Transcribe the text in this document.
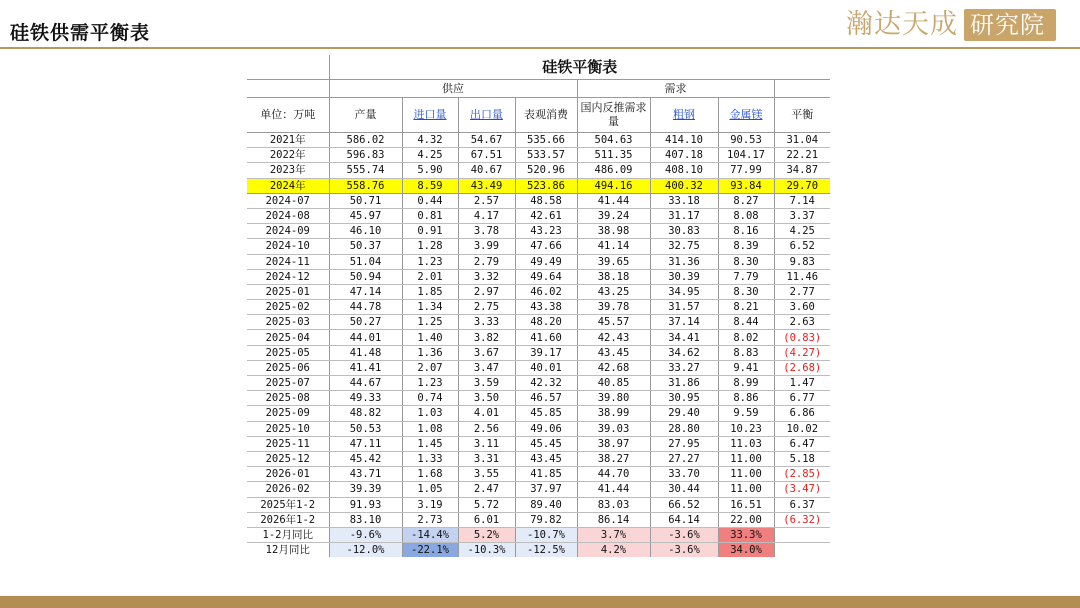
硅铁供需平衡表	瀚达天成 研究院
	硅铁平衡表							
	供应				需求			
单位：万吨	产量	进口量	出口量	表观消费	国内反推需求量	粗钢	金属镁	平衡
2021年	586.02	4.32	54.67	535.66	504.63	414.10	90.53	31.04
2022年	596.83	4.25	67.51	533.57	511.35	407.18	104.17	22.21
2023年	555.74	5.90	40.67	520.96	486.09	408.10	77.99	34.87
2024年	558.76	8.59	43.49	523.86	494.16	400.32	93.84	29.70
2024-07	50.71	0.44	2.57	48.58	41.44	33.18	8.27	7.14
2024-08	45.97	0.81	4.17	42.61	39.24	31.17	8.08	3.37
2024-09	46.10	0.91	3.78	43.23	38.98	30.83	8.16	4.25
2024-10	50.37	1.28	3.99	47.66	41.14	32.75	8.39	6.52
2024-11	51.04	1.23	2.79	49.49	39.65	31.36	8.30	9.83
2024-12	50.94	2.01	3.32	49.64	38.18	30.39	7.79	11.46
2025-01	47.14	1.85	2.97	46.02	43.25	34.95	8.30	2.77
2025-02	44.78	1.34	2.75	43.38	39.78	31.57	8.21	3.60
2025-03	50.27	1.25	3.33	48.20	45.57	37.14	8.44	2.63
2025-04	44.01	1.40	3.82	41.60	42.43	34.41	8.02	(0.83)
2025-05	41.48	1.36	3.67	39.17	43.45	34.62	8.83	(4.27)
2025-06	41.41	2.07	3.47	40.01	42.68	33.27	9.41	(2.68)
2025-07	44.67	1.23	3.59	42.32	40.85	31.86	8.99	1.47
2025-08	49.33	0.74	3.50	46.57	39.80	30.95	8.86	6.77
2025-09	48.82	1.03	4.01	45.85	38.99	29.40	9.59	6.86
2025-10	50.53	1.08	2.56	49.06	39.03	28.80	10.23	10.02
2025-11	47.11	1.45	3.11	45.45	38.97	27.95	11.03	6.47
2025-12	45.42	1.33	3.31	43.45	38.27	27.27	11.00	5.18
2026-01	43.71	1.68	3.55	41.85	44.70	33.70	11.00	(2.85)
2026-02	39.39	1.05	2.47	37.97	41.44	30.44	11.00	(3.47)
2025年1-2	91.93	3.19	5.72	89.40	83.03	66.52	16.51	6.37
2026年1-2	83.10	2.73	6.01	79.82	86.14	64.14	22.00	(6.32)
1-2月同比	-9.6%	-14.4%	5.2%	-10.7%	3.7%	-3.6%	33.3%	
12月同比	-12.0%	-22.1%	-10.3%	-12.5%	4.2%	-3.6%	34.0%	
